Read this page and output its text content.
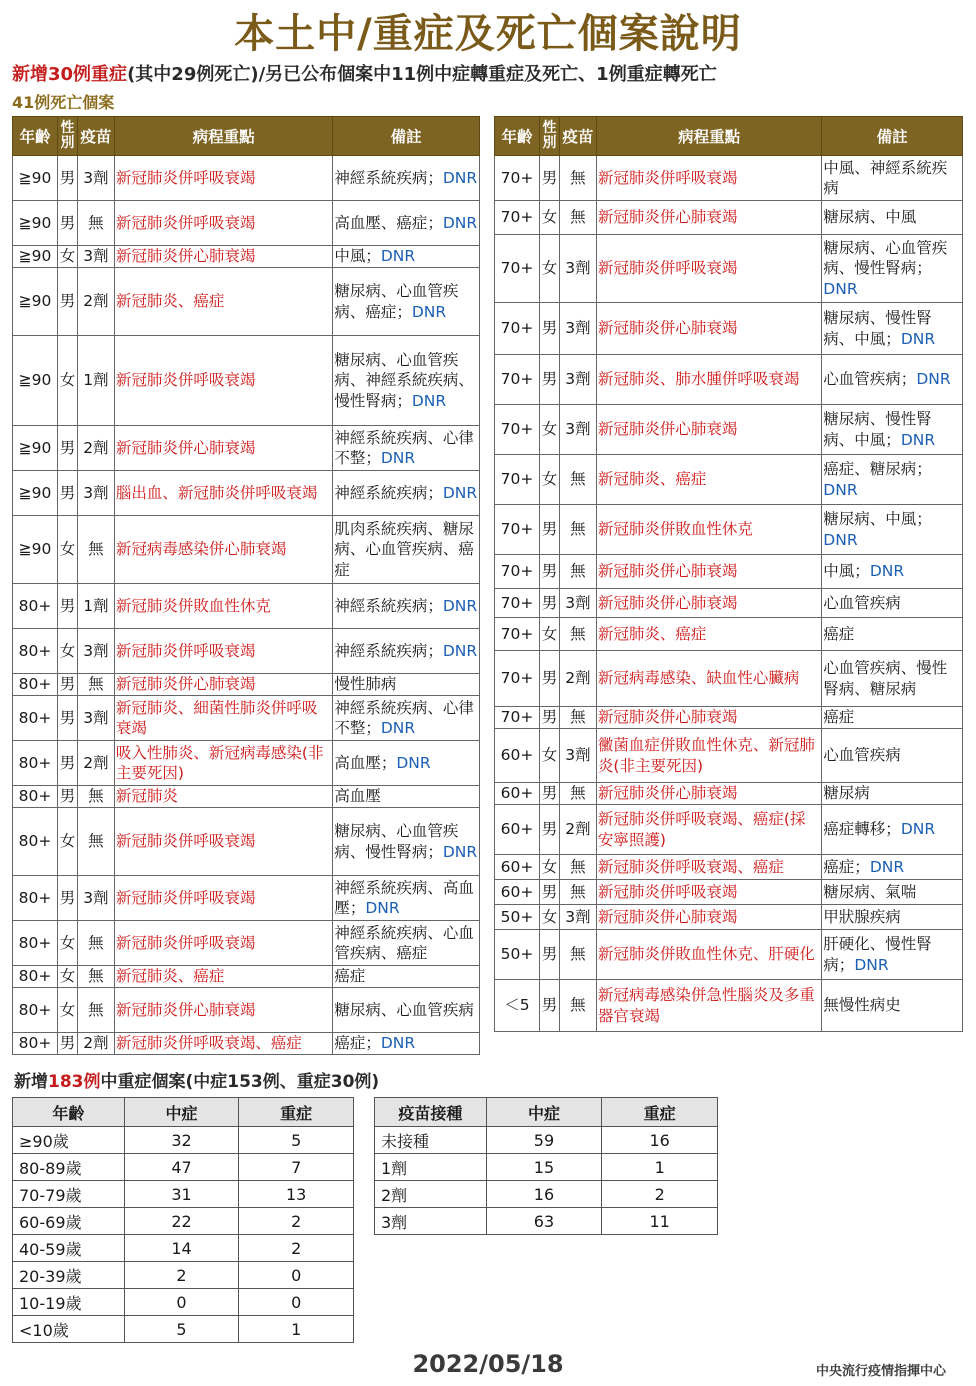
本土中/重症及死亡個案說明
新增30例重症(其中29例死亡)/另已公布個案中11例中症轉重症及死亡、1例重症轉死亡
41例死亡個案
年齡	性別	疫苗	病程重點	備註
≧90	男	3劑	新冠肺炎併呼吸衰竭	神經系統疾病；DNR
≧90	男	無	新冠肺炎併呼吸衰竭	高血壓、癌症；DNR
≧90	女	3劑	新冠肺炎併心肺衰竭	中風；DNR
≧90	男	2劑	新冠肺炎、癌症	糖尿病、心血管疾病、癌症；DNR
≧90	女	1劑	新冠肺炎併呼吸衰竭	糖尿病、心血管疾病、神經系統疾病、慢性腎病；DNR
≧90	男	2劑	新冠肺炎併心肺衰竭	神經系統疾病、心律不整；DNR
≧90	男	3劑	腦出血、新冠肺炎併呼吸衰竭	神經系統疾病；DNR
≧90	女	無	新冠病毒感染併心肺衰竭	肌肉系統疾病、糖尿病、心血管疾病、癌症
80+	男	1劑	新冠肺炎併敗血性休克	神經系統疾病；DNR
80+	女	3劑	新冠肺炎併呼吸衰竭	神經系統疾病；DNR
80+	男	無	新冠肺炎併心肺衰竭	慢性肺病
80+	男	3劑	新冠肺炎、細菌性肺炎併呼吸衰竭	神經系統疾病、心律不整；DNR
80+	男	2劑	吸入性肺炎、新冠病毒感染(非主要死因)	高血壓；DNR
80+	男	無	新冠肺炎	高血壓
80+	女	無	新冠肺炎併呼吸衰竭	糖尿病、心血管疾病、慢性腎病；DNR
80+	男	3劑	新冠肺炎併呼吸衰竭	神經系統疾病、高血壓；DNR
80+	女	無	新冠肺炎併呼吸衰竭	神經系統疾病、心血管疾病、癌症
80+	女	無	新冠肺炎、癌症	癌症
80+	女	無	新冠肺炎併心肺衰竭	糖尿病、心血管疾病
80+	男	2劑	新冠肺炎併呼吸衰竭、癌症	癌症；DNR
年齡	性別	疫苗	病程重點	備註
70+	男	無	新冠肺炎併呼吸衰竭	中風、神經系統疾病
70+	女	無	新冠肺炎併心肺衰竭	糖尿病、中風
70+	女	3劑	新冠肺炎併呼吸衰竭	糖尿病、心血管疾病、慢性腎病；DNR
70+	男	3劑	新冠肺炎併心肺衰竭	糖尿病、慢性腎病、中風；DNR
70+	男	3劑	新冠肺炎、肺水腫併呼吸衰竭	心血管疾病；DNR
70+	女	3劑	新冠肺炎併心肺衰竭	糖尿病、慢性腎病、中風；DNR
70+	女	無	新冠肺炎、癌症	癌症、糖尿病；DNR
70+	男	無	新冠肺炎併敗血性休克	糖尿病、中風；DNR
70+	男	無	新冠肺炎併心肺衰竭	中風；DNR
70+	男	3劑	新冠肺炎併心肺衰竭	心血管疾病
70+	女	無	新冠肺炎、癌症	癌症
70+	男	2劑	新冠病毒感染、缺血性心臟病	心血管疾病、慢性腎病、糖尿病
70+	男	無	新冠肺炎併心肺衰竭	癌症
60+	女	3劑	黴菌血症併敗血性休克、新冠肺炎(非主要死因)	心血管疾病
60+	男	無	新冠肺炎併心肺衰竭	糖尿病
60+	男	2劑	新冠肺炎併呼吸衰竭、癌症(採安寧照護)	癌症轉移；DNR
60+	女	無	新冠肺炎併呼吸衰竭、癌症	癌症；DNR
60+	男	無	新冠肺炎併呼吸衰竭	糖尿病、氣喘
50+	女	3劑	新冠肺炎併心肺衰竭	甲狀腺疾病
50+	男	無	新冠肺炎併敗血性休克、肝硬化	肝硬化、慢性腎病；DNR
＜5	男	無	新冠病毒感染併急性腦炎及多重器官衰竭	無慢性病史
新增183例中重症個案(中症153例、重症30例)
年齡	中症	重症
≥90歲	32	5
80-89歲	47	7
70-79歲	31	13
60-69歲	22	2
40-59歲	14	2
20-39歲	2	0
10-19歲	0	0
<10歲	5	1
疫苗接種	中症	重症
未接種	59	16
1劑	15	1
2劑	16	2
3劑	63	11
2022/05/18	中央流行疫情指揮中心
